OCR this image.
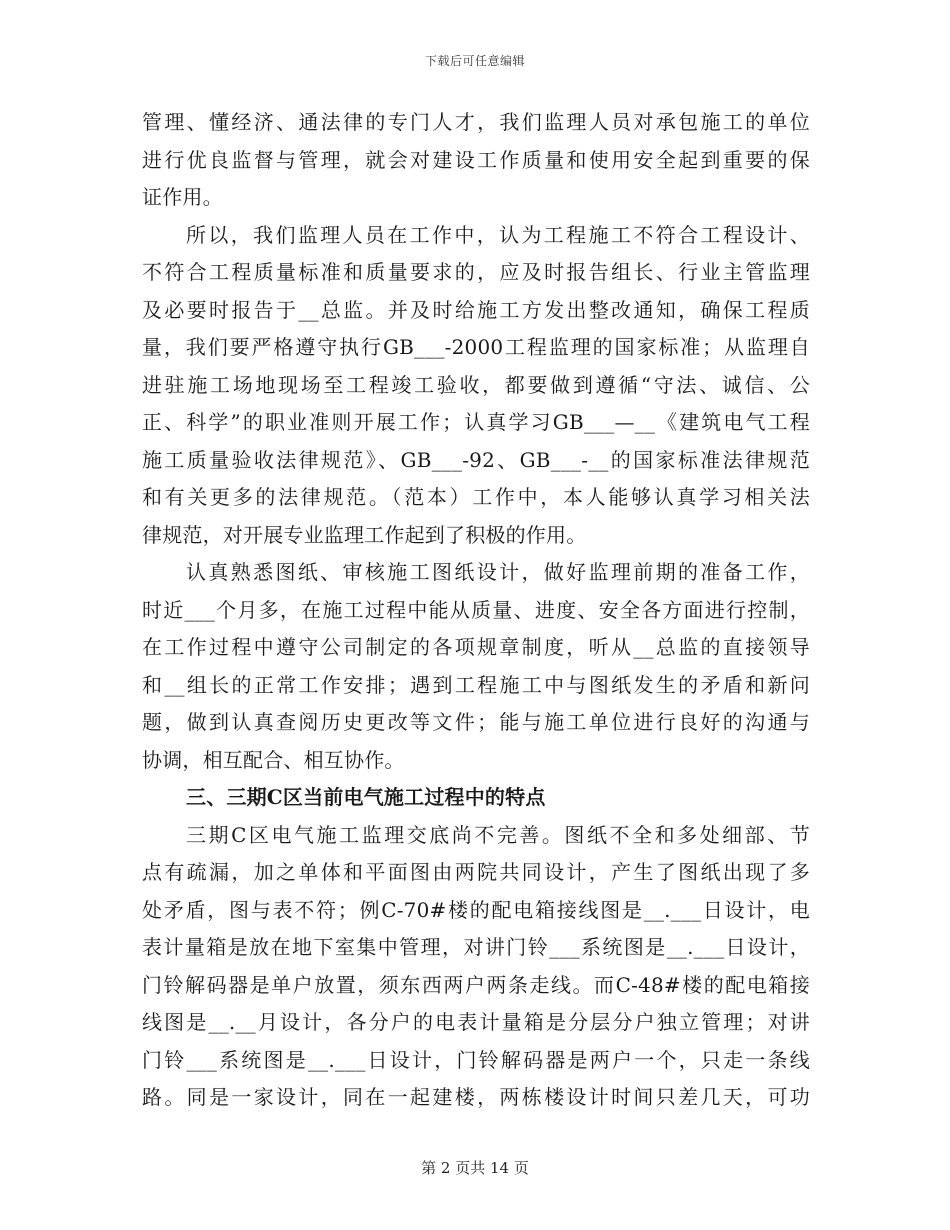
下载后可任意编辑
管理、懂经济、通法律的专门人才，我们监理人员对承包施工的单位
进行优良监督与管理，就会对建设工作质量和使用安全起到重要的保
证作用。
所以，我们监理人员在工作中，认为工程施工不符合工程设计、
不符合工程质量标准和质量要求的，应及时报告组长、行业主管监理
及必要时报告于__总监。并及时给施工方发出整改通知，确保工程质
量，我们要严格遵守执行GB___-2000工程监理的国家标准；从监理自
进驻施工场地现场至工程竣工验收，都要做到遵循“守法、诚信、公
正、科学”的职业准则开展工作；认真学习GB___—__《建筑电气工程
施工质量验收法律规范》、GB___-92、GB___-__的国家标准法律规范
和有关更多的法律规范。（范本）工作中，本人能够认真学习相关法
律规范，对开展专业监理工作起到了积极的作用。
认真熟悉图纸、审核施工图纸设计，做好监理前期的准备工作，
时近___个月多，在施工过程中能从质量、进度、安全各方面进行控制，
在工作过程中遵守公司制定的各项规章制度，听从__总监的直接领导
和__组长的正常工作安排；遇到工程施工中与图纸发生的矛盾和新问
题，做到认真查阅历史更改等文件；能与施工单位进行良好的沟通与
协调，相互配合、相互协作。
三、三期C区当前电气施工过程中的特点
三期C区电气施工监理交底尚不完善。图纸不全和多处细部、节
点有疏漏，加之单体和平面图由两院共同设计，产生了图纸出现了多
处矛盾，图与表不符；例C-70#楼的配电箱接线图是__.___日设计，电
表计量箱是放在地下室集中管理，对讲门铃___系统图是__.___日设计，
门铃解码器是单户放置，须东西两户两条走线。而C-48#楼的配电箱接
线图是__.__月设计，各分户的电表计量箱是分层分户独立管理；对讲
门铃___系统图是__.___日设计，门铃解码器是两户一个，只走一条线
路。同是一家设计，同在一起建楼，两栋楼设计时间只差几天，可功
第 2 页共 14 页
